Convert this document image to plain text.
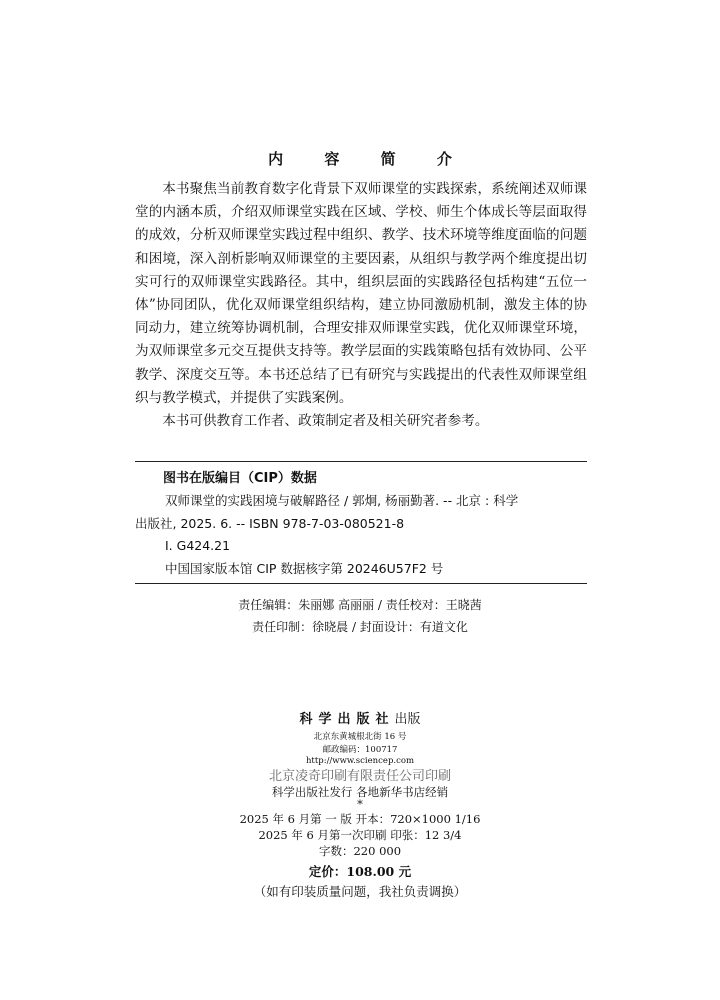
内 容 简 介

本书聚焦当前教育数字化背景下双师课堂的实践探索，系统阐述双师课堂的内涵本质，介绍双师课堂实践在区域、学校、师生个体成长等层面取得的成效，分析双师课堂实践过程中组织、教学、技术环境等维度面临的问题和困境，深入剖析影响双师课堂的主要因素，从组织与教学两个维度提出切实可行的双师课堂实践路径。其中，组织层面的实践路径包括构建“五位一体”协同团队，优化双师课堂组织结构，建立协同激励机制，激发主体的协同动力，建立统筹协调机制，合理安排双师课堂实践，优化双师课堂环境，为双师课堂多元交互提供支持等。教学层面的实践策略包括有效协同、公平教学、深度交互等。本书还总结了已有研究与实践提出的代表性双师课堂组织与教学模式，并提供了实践案例。

本书可供教育工作者、政策制定者及相关研究者参考。

图书在版编目（CIP）数据
双师课堂的实践困境与破解路径 / 郭炯, 杨丽勤著. -- 北京 : 科学
出版社, 2025. 6. -- ISBN 978-7-03-080521-8
Ⅰ. G424.21
中国国家版本馆 CIP 数据核字第 20246U57F2 号
责任编辑：朱丽娜 高丽丽 / 责任校对：王晓茜
责任印制：徐晓晨 / 封面设计：有道文化
科学出版社出版
北京东黄城根北街 16 号
邮政编码：100717
http://www.sciencep.com
北京凌奇印刷有限责任公司印刷
科学出版社发行 各地新华书店经销
*
2025 年 6 月第 一 版 开本：720×1000 1/16
2025 年 6 月第一次印刷 印张：12 3/4
字数：220 000
定价：108.00 元
（如有印装质量问题，我社负责调换）
